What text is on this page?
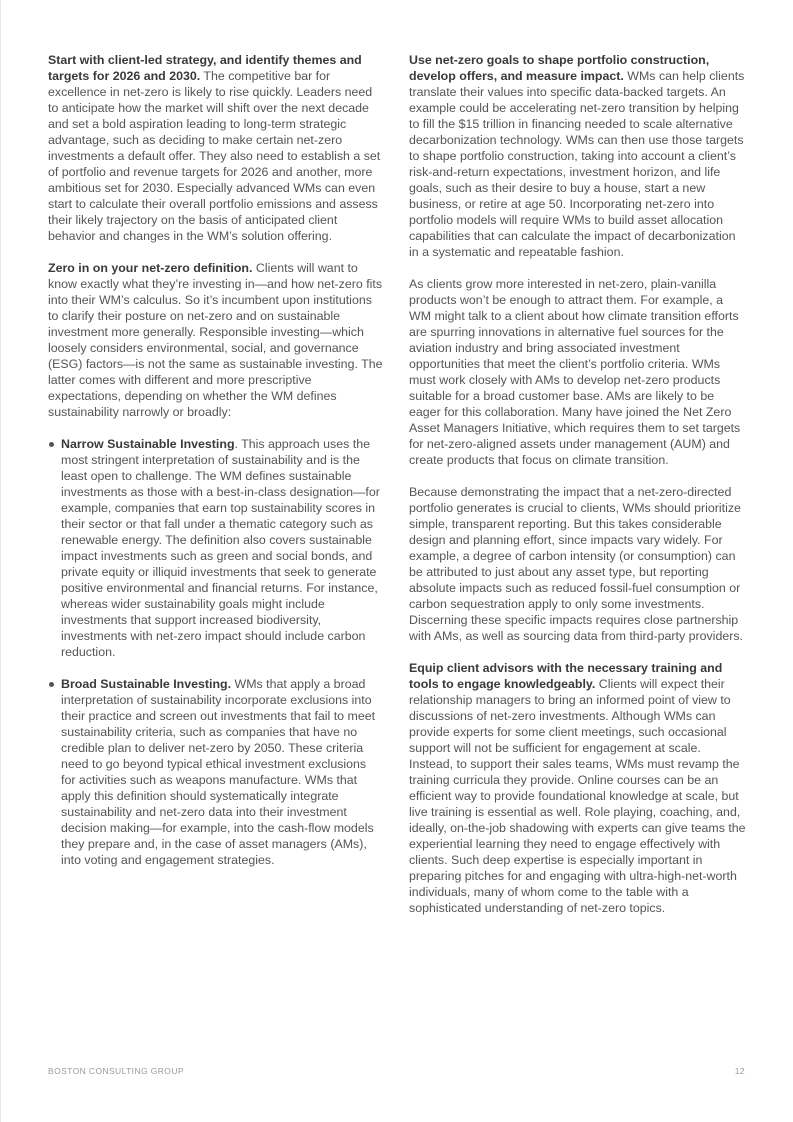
Start with client-led strategy, and identify themes and targets for 2026 and 2030. The competitive bar for excellence in net-zero is likely to rise quickly. Leaders need to anticipate how the market will shift over the next decade and set a bold aspiration leading to long-term strategic advantage, such as deciding to make certain net-zero investments a default offer. They also need to establish a set of portfolio and revenue targets for 2026 and another, more ambitious set for 2030. Especially advanced WMs can even start to calculate their overall portfolio emissions and assess their likely trajectory on the basis of anticipated client behavior and changes in the WM’s solution offering.

Zero in on your net-zero definition. Clients will want to know exactly what they’re investing in—and how net-zero fits into their WM’s calculus. So it’s incumbent upon institutions to clarify their posture on net-zero and on sustainable investment more generally. Responsible investing—which loosely considers environmental, social, and governance (ESG) factors—is not the same as sustainable investing. The latter comes with different and more prescriptive expectations, depending on whether the WM defines sustainability narrowly or broadly:

Narrow Sustainable Investing. This approach uses the most stringent interpretation of sustainability and is the least open to challenge. The WM defines sustainable investments as those with a best-in-class designation—for example, companies that earn top sustainability scores in their sector or that fall under a thematic category such as renewable energy. The definition also covers sustainable impact investments such as green and social bonds, and private equity or illiquid investments that seek to generate positive environmental and financial returns. For instance, whereas wider sustainability goals might include investments that support increased biodiversity, investments with net-zero impact should include carbon reduction.
Broad Sustainable Investing. WMs that apply a broad interpretation of sustainability incorporate exclusions into their practice and screen out investments that fail to meet sustainability criteria, such as companies that have no credible plan to deliver net-zero by 2050. These criteria need to go beyond typical ethical investment exclusions for activities such as weapons manufacture. WMs that apply this definition should systematically integrate sustainability and net-zero data into their investment decision making—for example, into the cash-flow models they prepare and, in the case of asset managers (AMs), into voting and engagement strategies.

Use net-zero goals to shape portfolio construction, develop offers, and measure impact. WMs can help clients translate their values into specific data-backed targets. An example could be accelerating net-zero transition by helping to fill the $15 trillion in financing needed to scale alternative decarbonization technology. WMs can then use those targets to shape portfolio construction, taking into account a client’s risk-and-return expectations, investment horizon, and life goals, such as their desire to buy a house, start a new business, or retire at age 50. Incorporating net-zero into portfolio models will require WMs to build asset allocation capabilities that can calculate the impact of decarbonization in a systematic and repeatable fashion.

As clients grow more interested in net-zero, plain-vanilla products won’t be enough to attract them. For example, a WM might talk to a client about how climate transition efforts are spurring innovations in alternative fuel sources for the aviation industry and bring associated investment opportunities that meet the client’s portfolio criteria. WMs must work closely with AMs to develop net-zero products suitable for a broad customer base. AMs are likely to be eager for this collaboration. Many have joined the Net Zero Asset Managers Initiative, which requires them to set targets for net-zero-aligned assets under management (AUM) and create products that focus on climate transition.

Because demonstrating the impact that a net-zero-directed portfolio generates is crucial to clients, WMs should prioritize simple, transparent reporting. But this takes considerable design and planning effort, since impacts vary widely. For example, a degree of carbon intensity (or consumption) can be attributed to just about any asset type, but reporting absolute impacts such as reduced fossil-fuel consumption or carbon sequestration apply to only some investments. Discerning these specific impacts requires close partnership with AMs, as well as sourcing data from third-party providers.

Equip client advisors with the necessary training and tools to engage knowledgeably. Clients will expect their relationship managers to bring an informed point of view to discussions of net-zero investments. Although WMs can provide experts for some client meetings, such occasional support will not be sufficient for engagement at scale. Instead, to support their sales teams, WMs must revamp the training curricula they provide. Online courses can be an efficient way to provide foundational knowledge at scale, but live training is essential as well. Role playing, coaching, and, ideally, on-the-job shadowing with experts can give teams the experiential learning they need to engage effectively with clients. Such deep expertise is especially important in preparing pitches for and engaging with ultra-high-net-worth individuals, many of whom come to the table with a sophisticated understanding of net-zero topics.

BOSTON CONSULTING GROUP	12
